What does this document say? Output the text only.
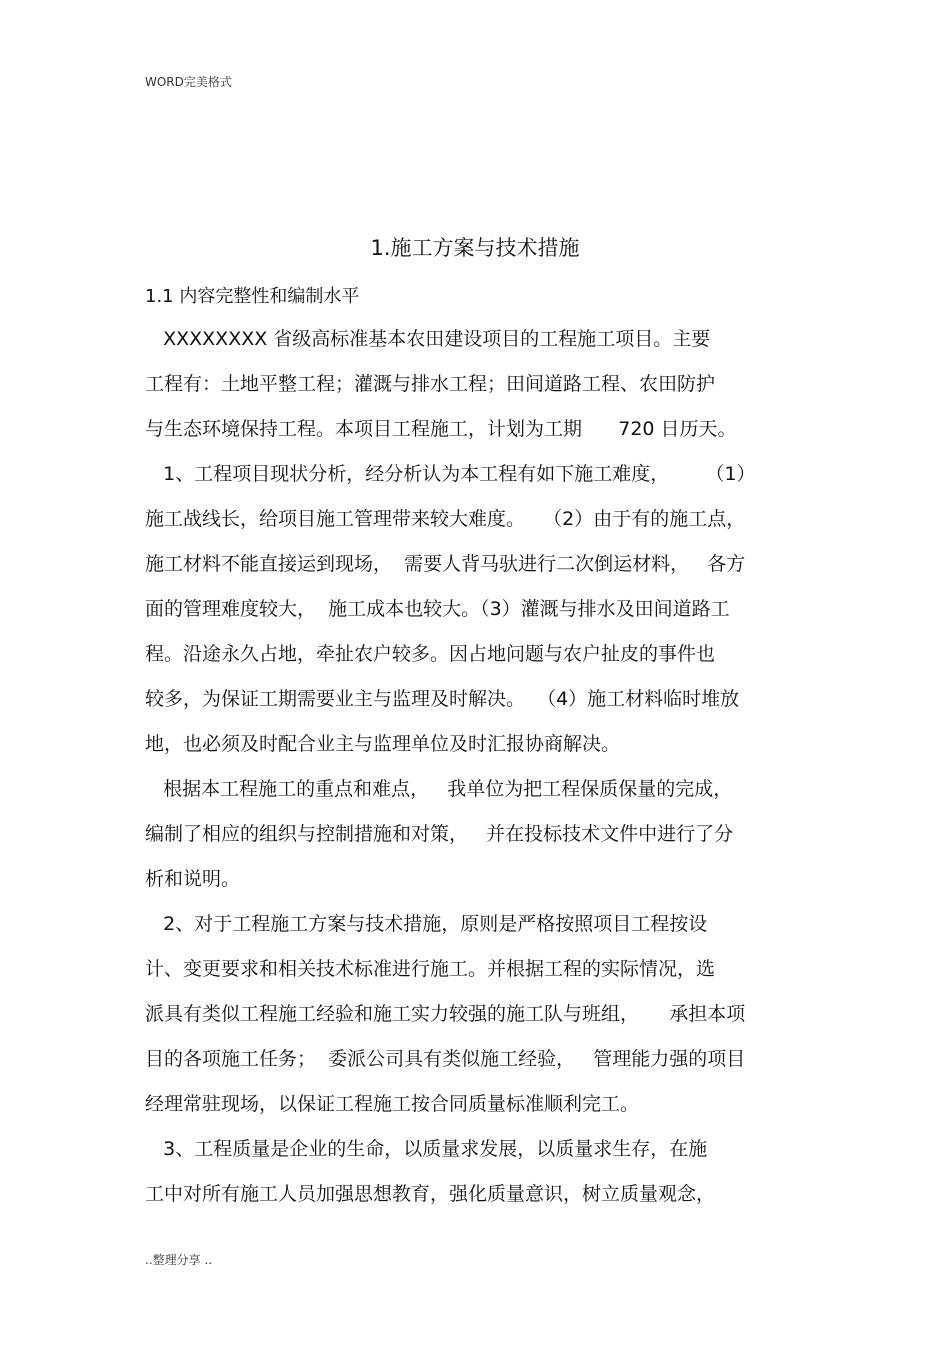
WORD完美格式
1.施工方案与技术措施
1.1 内容完整性和编制水平
XXXXXXXX 省级高标准基本农田建设项目的工程施工项目。主要
工程有：土地平整工程；灌溉与排水工程；田间道路工程、农田防护
与生态环境保持工程。本项目工程施工，计划为工期      720 日历天。
1、工程项目现状分析，经分析认为本工程有如下施工难度，      （1）
施工战线长，给项目施工管理带来较大难度。   （2）由于有的施工点，
施工材料不能直接运到现场，  需要人背马驮进行二次倒运材料，   各方
面的管理难度较大，  施工成本也较大。（3）灌溉与排水及田间道路工
程。沿途永久占地，牵扯农户较多。因占地问题与农户扯皮的事件也
较多，为保证工期需要业主与监理及时解决。  （4）施工材料临时堆放
地，也必须及时配合业主与监理单位及时汇报协商解决。
根据本工程施工的重点和难点，   我单位为把工程保质保量的完成，
编制了相应的组织与控制措施和对策，   并在投标技术文件中进行了分
析和说明。
2、对于工程施工方案与技术措施，原则是严格按照项目工程按设
计、变更要求和相关技术标准进行施工。并根据工程的实际情况，选
派具有类似工程施工经验和施工实力较强的施工队与班组，     承担本项
目的各项施工任务；  委派公司具有类似施工经验，   管理能力强的项目
经理常驻现场，以保证工程施工按合同质量标准顺利完工。
3、工程质量是企业的生命，以质量求发展，以质量求生存，在施
工中对所有施工人员加强思想教育，强化质量意识，树立质量观念，
..整理分享 ..
